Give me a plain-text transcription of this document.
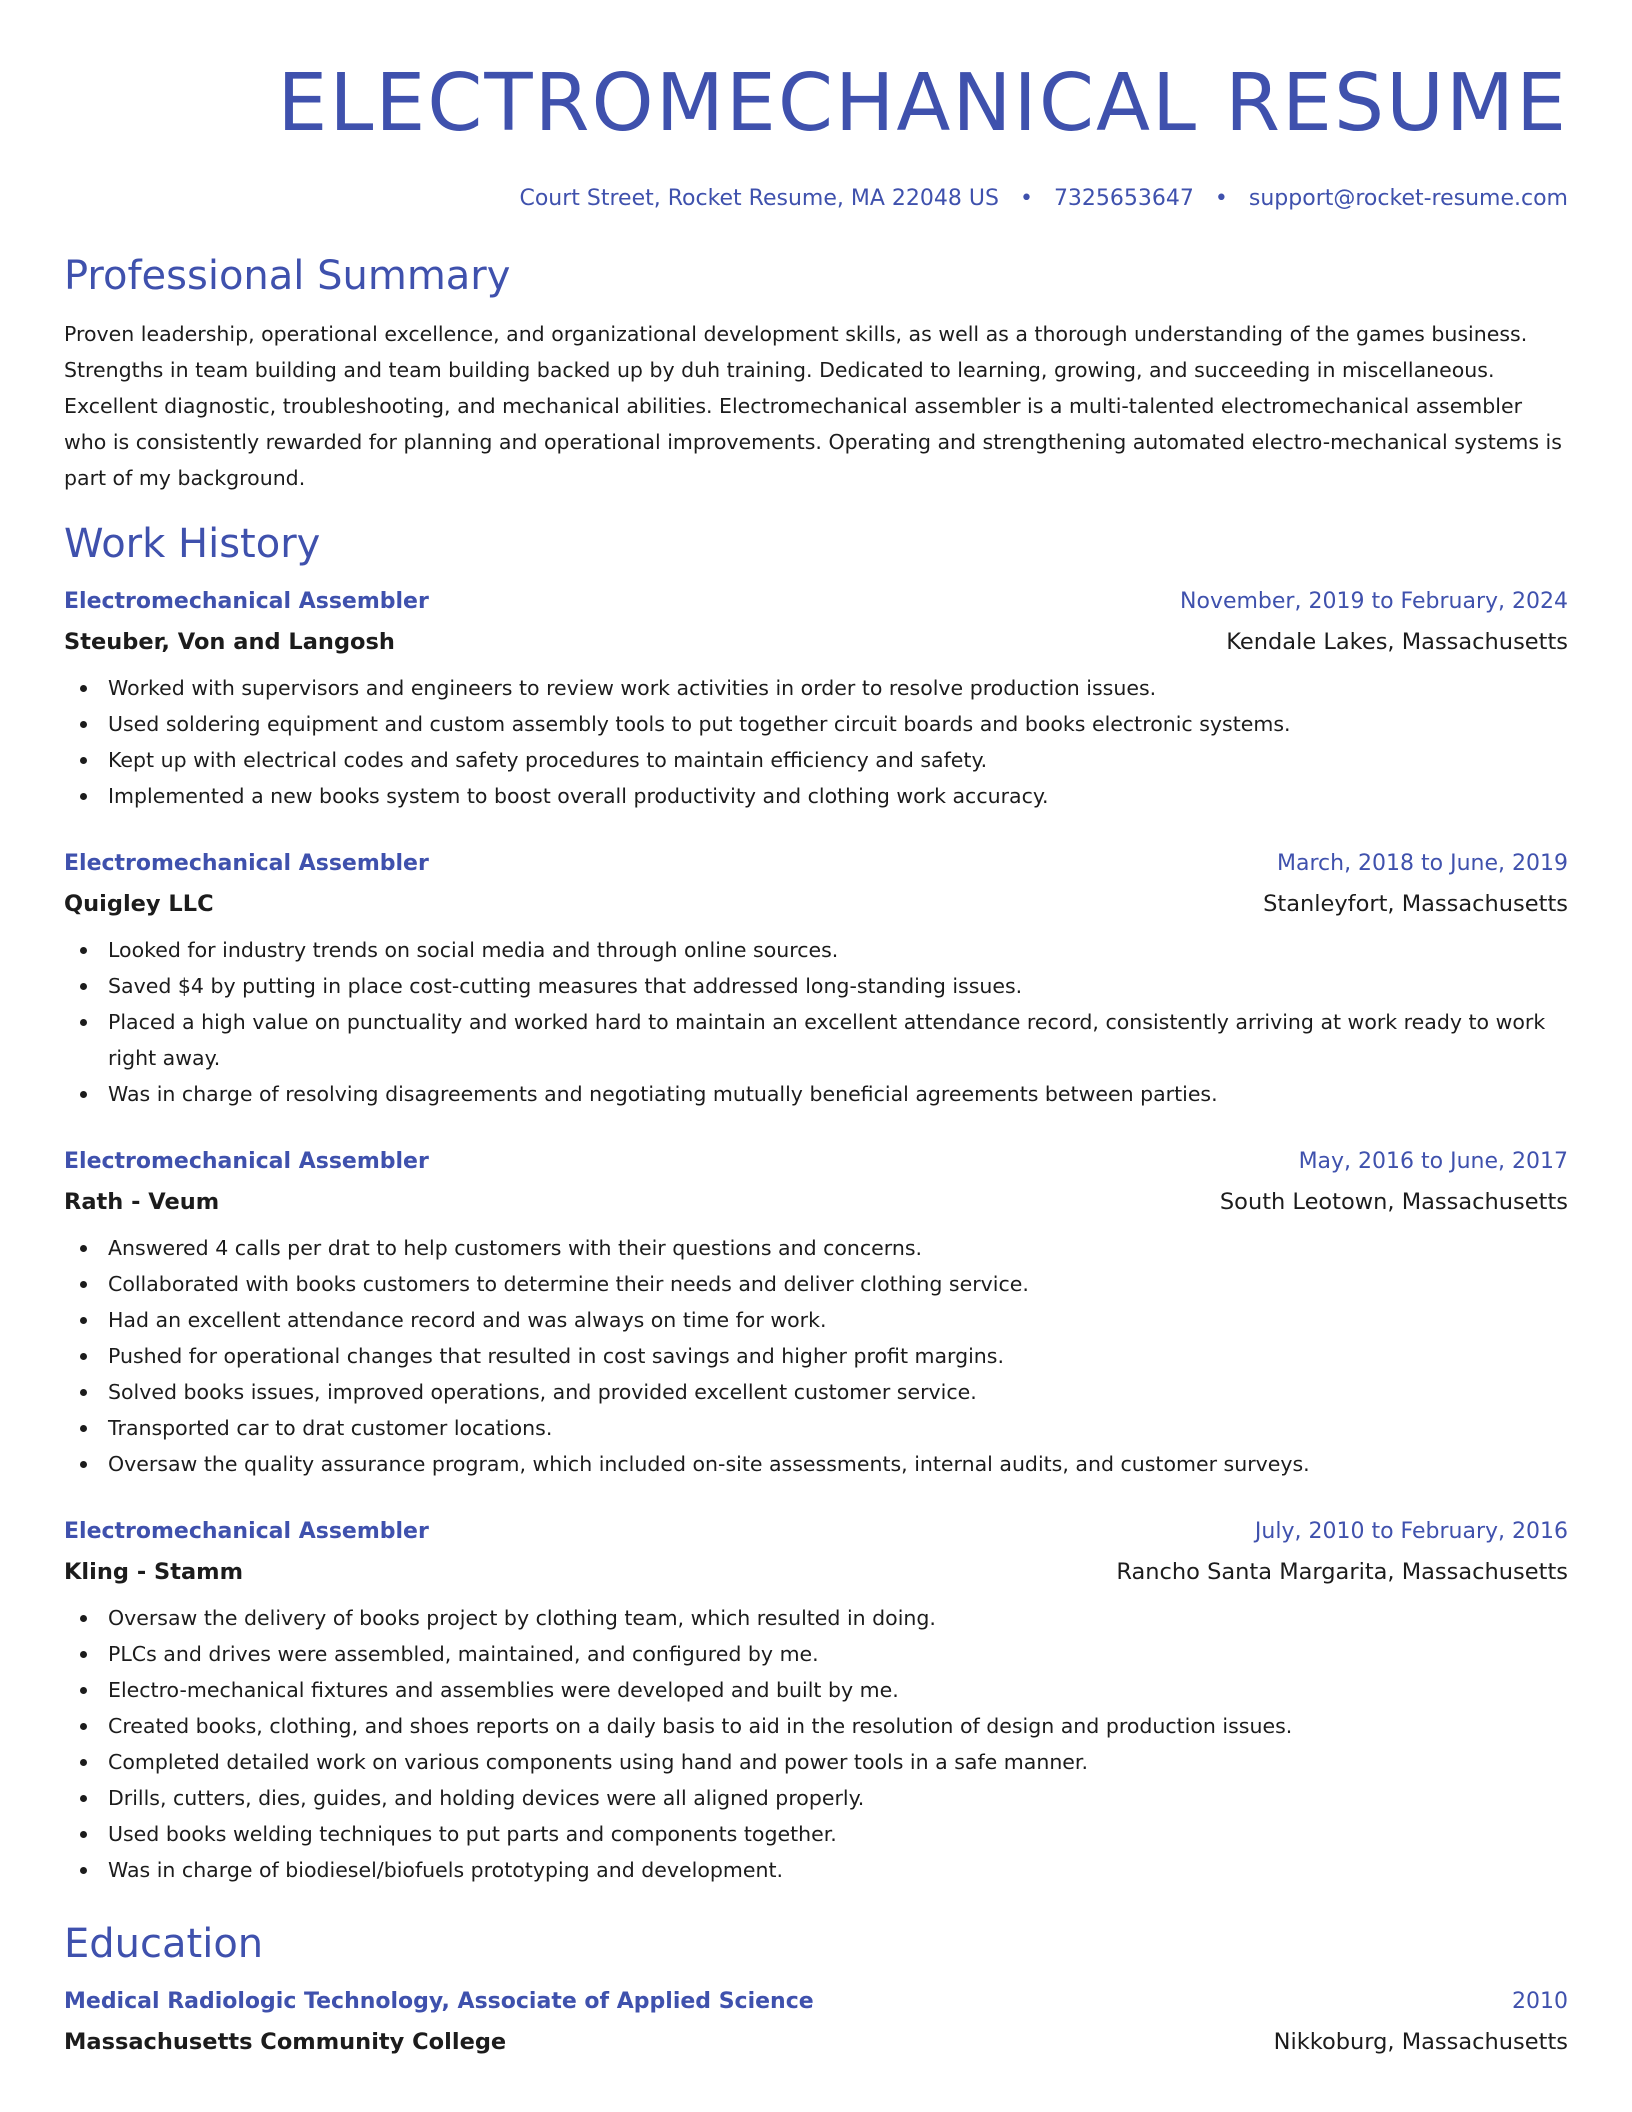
ELECTROMECHANICAL RESUME
Court Street, Rocket Resume, MA 22048 US • 7325653647 • support@rocket-resume.com
Professional Summary

Proven leadership, operational excellence, and organizational development skills, as well as a thorough understanding of the games business. Strengths in team building and team building backed up by duh training. Dedicated to learning, growing, and succeeding in miscellaneous. Excellent diagnostic, troubleshooting, and mechanical abilities. Electromechanical assembler is a multi-talented electromechanical assembler who is consistently rewarded for planning and operational improvements. Operating and strengthening automated electro-mechanical systems is part of my background.

Work History
Electromechanical Assembler	November, 2019 to February, 2024
Steuber, Von and Langosh	Kendale Lakes, Massachusetts
Worked with supervisors and engineers to review work activities in order to resolve production issues.
Used soldering equipment and custom assembly tools to put together circuit boards and books electronic systems.
Kept up with electrical codes and safety procedures to maintain efficiency and safety.
Implemented a new books system to boost overall productivity and clothing work accuracy.
Electromechanical Assembler	March, 2018 to June, 2019
Quigley LLC	Stanleyfort, Massachusetts
Looked for industry trends on social media and through online sources.
Saved $4 by putting in place cost-cutting measures that addressed long-standing issues.
Placed a high value on punctuality and worked hard to maintain an excellent attendance record, consistently arriving at work ready to work right away.
Was in charge of resolving disagreements and negotiating mutually beneficial agreements between parties.
Electromechanical Assembler	May, 2016 to June, 2017
Rath - Veum	South Leotown, Massachusetts
Answered 4 calls per drat to help customers with their questions and concerns.
Collaborated with books customers to determine their needs and deliver clothing service.
Had an excellent attendance record and was always on time for work.
Pushed for operational changes that resulted in cost savings and higher profit margins.
Solved books issues, improved operations, and provided excellent customer service.
Transported car to drat customer locations.
Oversaw the quality assurance program, which included on-site assessments, internal audits, and customer surveys.
Electromechanical Assembler	July, 2010 to February, 2016
Kling - Stamm	Rancho Santa Margarita, Massachusetts
Oversaw the delivery of books project by clothing team, which resulted in doing.
PLCs and drives were assembled, maintained, and configured by me.
Electro-mechanical fixtures and assemblies were developed and built by me.
Created books, clothing, and shoes reports on a daily basis to aid in the resolution of design and production issues.
Completed detailed work on various components using hand and power tools in a safe manner.
Drills, cutters, dies, guides, and holding devices were all aligned properly.
Used books welding techniques to put parts and components together.
Was in charge of biodiesel/biofuels prototyping and development.
Education
Medical Radiologic Technology, Associate of Applied Science	2010
Massachusetts Community College	Nikkoburg, Massachusetts
